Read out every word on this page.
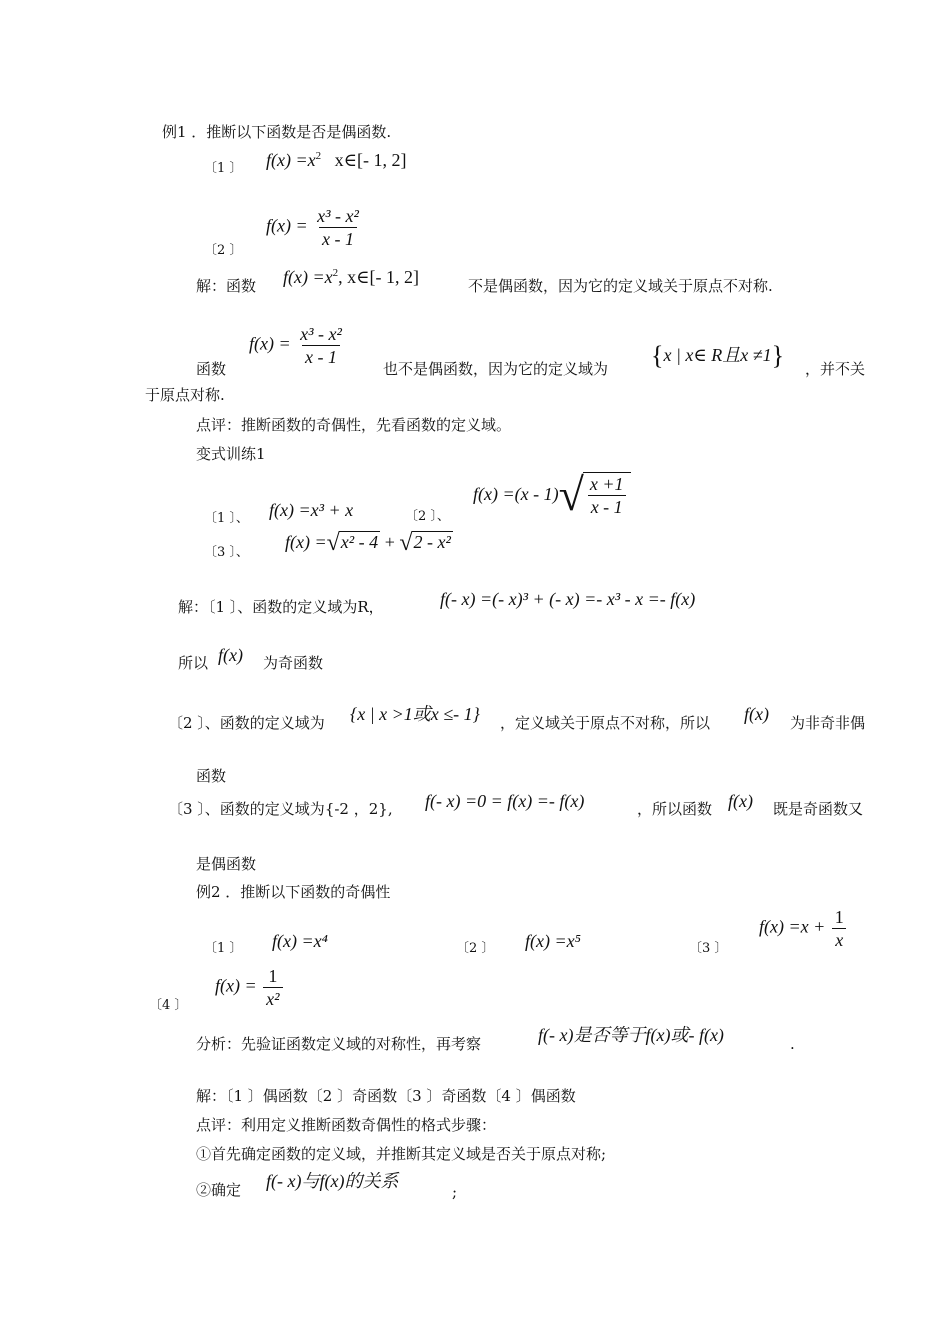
例1 ．推断以下函数是否是偶函数.
〔1 〕 $f(x) =x^2$ x∈[- 1, 2]
〔2 〕
$f(x) = \frac{\text{x³ - x²}}{x - 1}$
解：函数 $f(x) =x^2$, x∈[- 1, 2]	不是偶函数，因为它的定义域关于原点不对称.
函数
$f(x) = \frac{\text{x³ - x²}}{x - 1}$
也不是偶函数，因为它的定义域为 {x | x∈ R且x ≠1} ，并不关
于原点对称.
点评：推断函数的奇偶性，先看函数的定义域。
变式训练1
〔1 〕、 f(x) =x³ + x	〔2 〕、
$f(x) =(x - 1)√ \frac{x +1}{x - 1}$
〔3 〕、
f(x) =√x² - 4 + √2 - x²
解：〔1 〕、函数的定义域为R，	f(- x) =(- x)³ + (- x) =- x³ - x =- f(x)
所以 f(x) 为奇函数
〔2 〕、函数的定义域为 {x | x >1或x ≤- 1} ，定义域关于原点不对称，所以 f(x) 为非奇非偶
函数
〔3 〕、函数的定义域为{-2 ，2}, f(- x) =0 = f(x) =- f(x)	，所以函数 f(x) 既是奇函数又
是偶函数
例2 ．推断以下函数的奇偶性
〔1 〕 f(x) =x⁴	〔2 〕 f(x) =x⁵	〔3 〕
$f(x) =x + \frac{1}{x}$
〔4 〕
$f(x) = \frac{1}{\text{x²}}$
分析：先验证函数定义域的对称性，再考察	f(- x)是否等于f(x)或- f(x)	.
解：〔1 〕偶函数〔2 〕奇函数〔3 〕奇函数〔4 〕偶函数
点评：利用定义推断函数奇偶性的格式步骤：
①首先确定函数的定义域，并推断其定义域是否关于原点对称;
②确定 f(- x)与f(x)的关系
;
